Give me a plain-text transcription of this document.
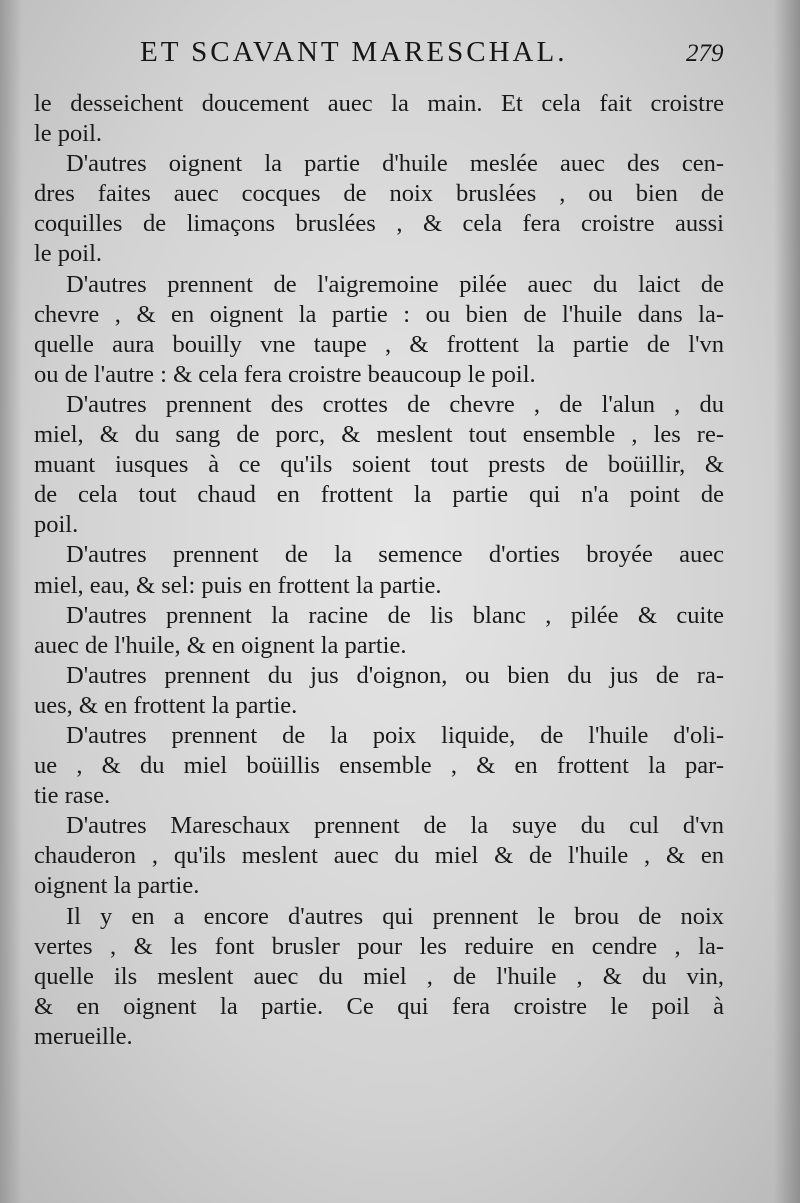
ET SCAVANT MARESCHAL.	279
le desseichent doucement auec la main. Et cela fait croistre
le poil.
D'autres oignent la partie d'huile meslée auec des cen-
dres faites auec cocques de noix bruslées , ou bien de
coquilles de limaçons bruslées , & cela fera croistre aussi
le poil.
D'autres prennent de l'aigremoine pilée auec du laict de
chevre , & en oignent la partie : ou bien de l'huile dans la-
quelle aura bouilly vne taupe , & frottent la partie de l'vn
ou de l'autre : & cela fera croistre beaucoup le poil.
D'autres prennent des crottes de chevre , de l'alun , du
miel, & du sang de porc, & meslent tout ensemble , les re-
muant iusques à ce qu'ils soient tout prests de boüillir, &
de cela tout chaud en frottent la partie qui n'a point de
poil.
D'autres prennent de la semence d'orties broyée auec
miel, eau, & sel: puis en frottent la partie.
D'autres prennent la racine de lis blanc , pilée & cuite
auec de l'huile, & en oignent la partie.
D'autres prennent du jus d'oignon, ou bien du jus de ra-
ues, & en frottent la partie.
D'autres prennent de la poix liquide, de l'huile d'oli-
ue , & du miel boüillis ensemble , & en frottent la par-
tie rase.
D'autres Mareschaux prennent de la suye du cul d'vn
chauderon , qu'ils meslent auec du miel & de l'huile , & en
oignent la partie.
Il y en a encore d'autres qui prennent le brou de noix
vertes , & les font brusler pour les reduire en cendre , la-
quelle ils meslent auec du miel , de l'huile , & du vin,
& en oignent la partie. Ce qui fera croistre le poil à
merueille.
